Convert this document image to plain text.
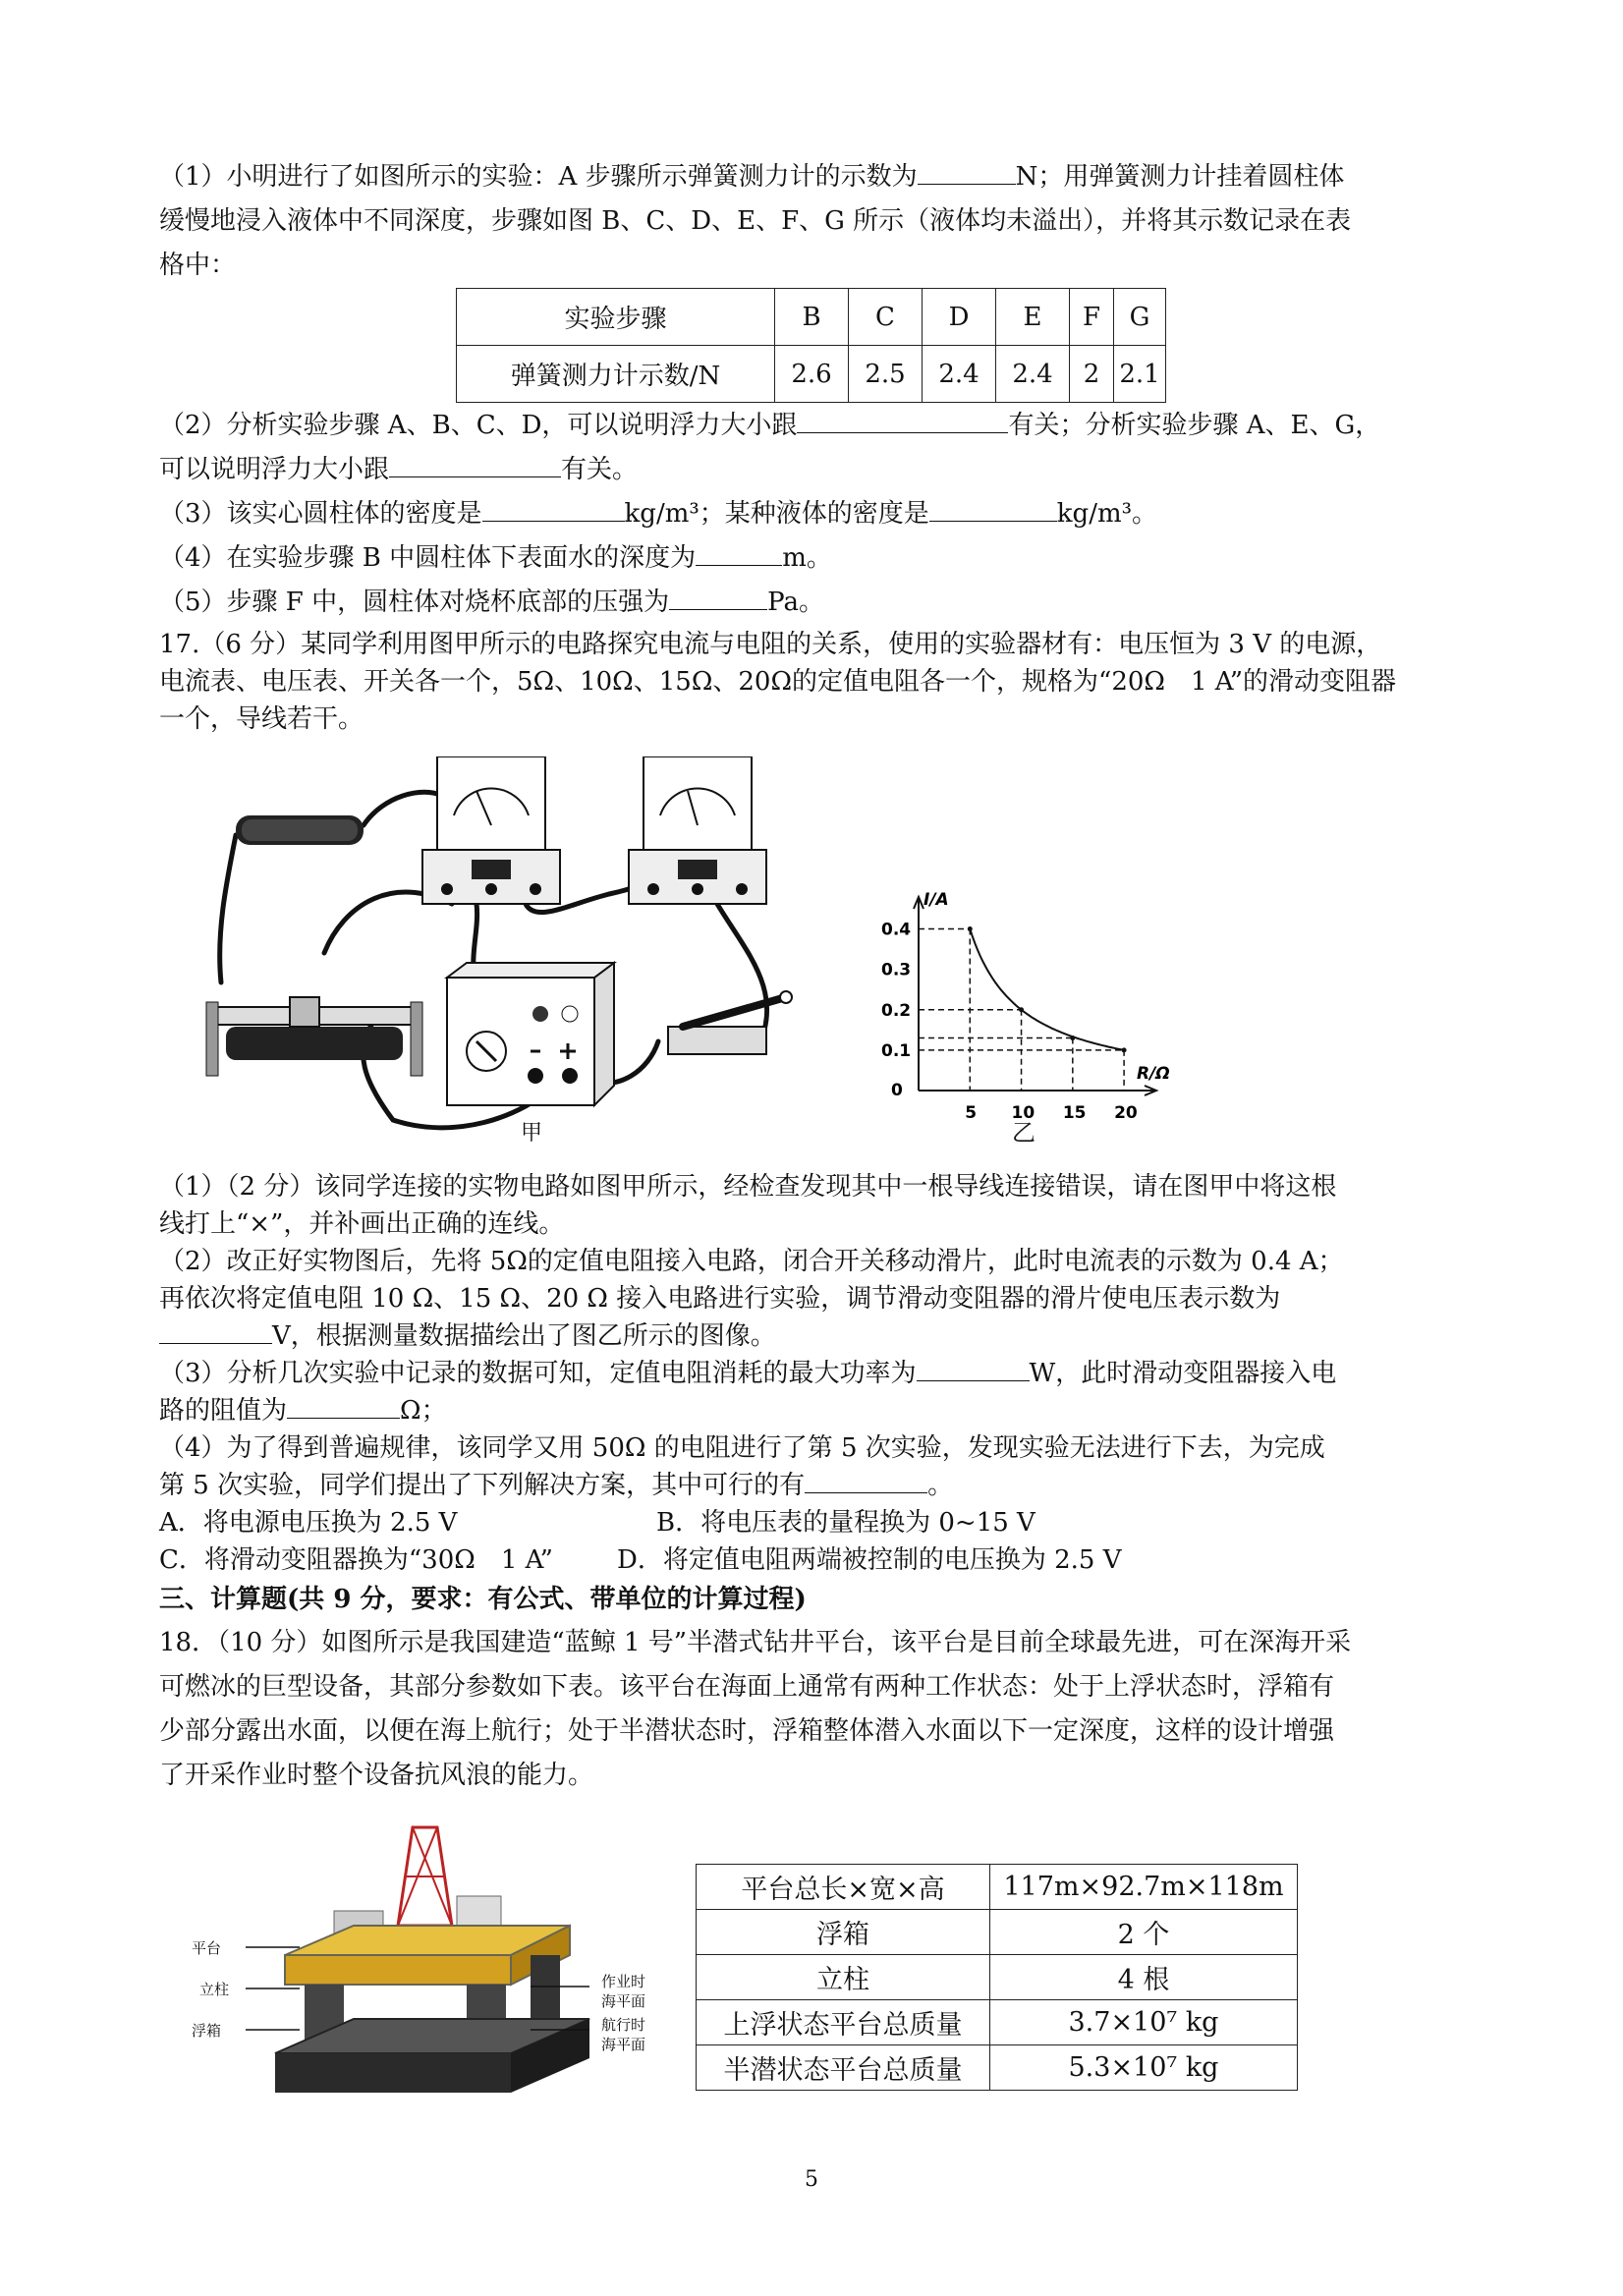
（1）小明进行了如图所示的实验：A 步骤所示弹簧测力计的示数为	N；用弹簧测力计挂着圆柱体
缓慢地浸入液体中不同深度，步骤如图 B、C、D、E、F、G 所示（液体均未溢出），并将其示数记录在表
格中：
实验步骤	B	C	D	E	F	G
弹簧测力计示数/N	2.6	2.5	2.4	2.4	2	2.1
（2）分析实验步骤 A、B、C、D，可以说明浮力大小跟	有关；分析实验步骤 A、E、G，
可以说明浮力大小跟	有关。
（3）该实心圆柱体的密度是	kg/m³；某种液体的密度是	kg/m³。
（4）在实验步骤 B 中圆柱体下表面水的深度为	m。
（5）步骤 F 中，圆柱体对烧杯底部的压强为	Pa。
17.（6 分）某同学利用图甲所示的电路探究电流与电阻的关系，使用的实验器材有：电压恒为 3 V 的电源，
电流表、电压表、开关各一个，5Ω、10Ω、15Ω、20Ω的定值电阻各一个，规格为“20Ω　1 A”的滑动变阻器
一个，导线若干。
甲
I/A
R/Ω
0
0.1
0.2
0.3
0.4
5 10 15 20
乙
（1）（2 分）该同学连接的实物电路如图甲所示，经检查发现其中一根导线连接错误，请在图甲中将这根
线打上“×”，并补画出正确的连线。
（2）改正好实物图后，先将 5Ω的定值电阻接入电路，闭合开关移动滑片，此时电流表的示数为 0.4 A；
再依次将定值电阻 10 Ω、15 Ω、20 Ω 接入电路进行实验，调节滑动变阻器的滑片使电压表示数为
V，根据测量数据描绘出了图乙所示的图像。
（3）分析几次实验中记录的数据可知，定值电阻消耗的最大功率为	W，此时滑动变阻器接入电
路的阻值为	Ω；
（4）为了得到普遍规律，该同学又用 50Ω 的电阻进行了第 5 次实验，发现实验无法进行下去，为完成
第 5 次实验，同学们提出了下列解决方案，其中可行的有	。
A．将电源电压换为 2.5 V	B．将电压表的量程换为 0~15 V
C．将滑动变阻器换为“30Ω　1 A”	D．将定值电阻两端被控制的电压换为 2.5 V
三、计算题(共 9 分，要求：有公式、带单位的计算过程)
18．（10 分）如图所示是我国建造“蓝鲸 1 号”半潜式钻井平台，该平台是目前全球最先进，可在深海开采
可燃冰的巨型设备，其部分参数如下表。该平台在海面上通常有两种工作状态：处于上浮状态时，浮箱有
少部分露出水面，以便在海上航行；处于半潜状态时，浮箱整体潜入水面以下一定深度，这样的设计增强
了开采作业时整个设备抗风浪的能力。
平台
立柱
浮箱
作业时
海平面
航行时
海平面
平台总长×宽×高	117m×92.7m×118m
浮箱	2 个
立柱	4 根
上浮状态平台总质量	3.7×10⁷ kg
半潜状态平台总质量	5.3×10⁷ kg
5
